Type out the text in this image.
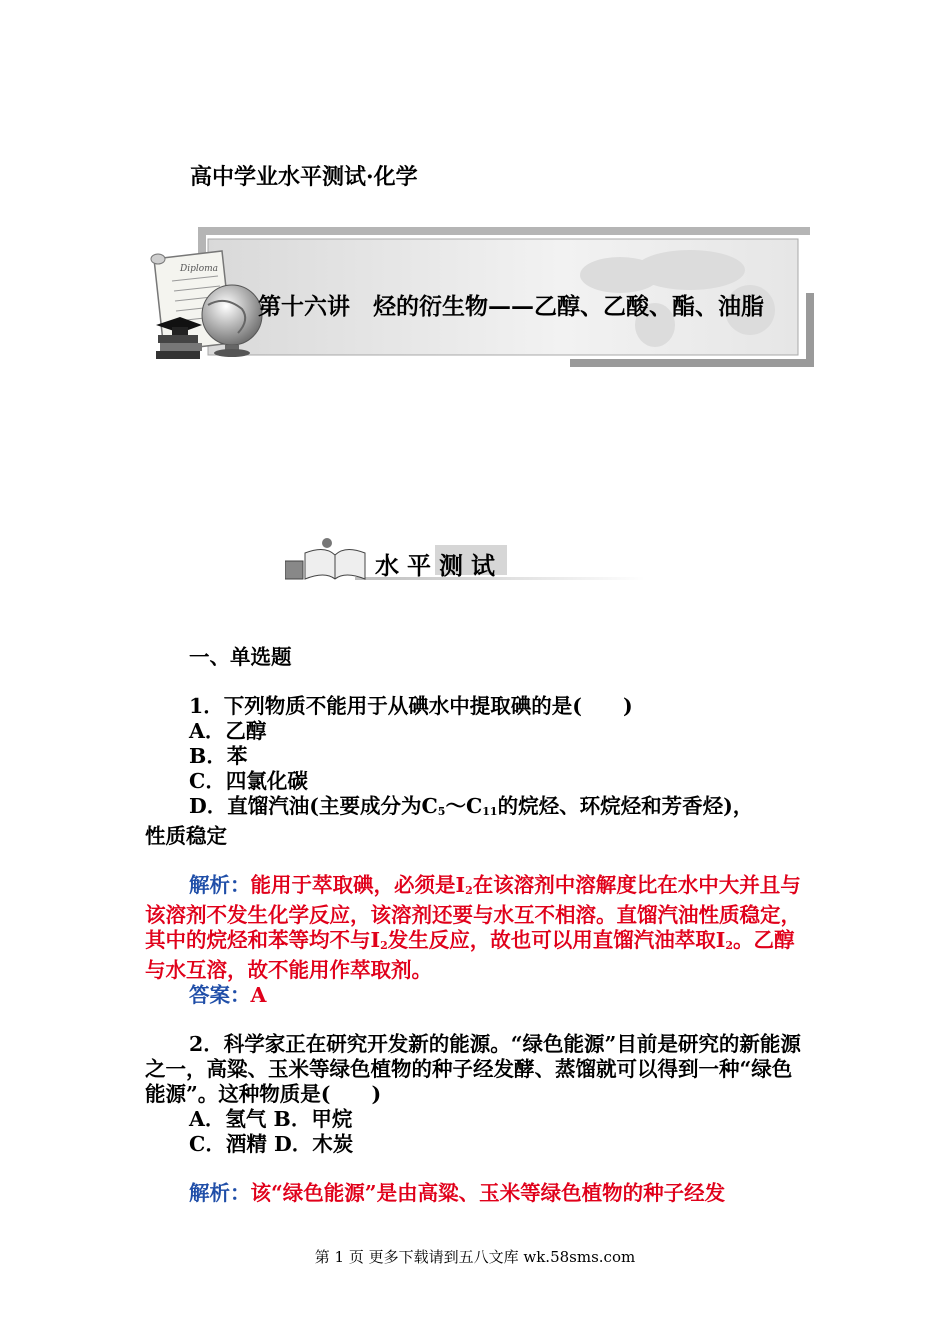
高中学业水平测试·化学
Diploma
第十六讲　烃的衍生物——乙醇、乙酸、酯、油脂
水平测试

一、单选题

1．下列物质不能用于从碘水中提取碘的是(　　)

A．乙醇

B．苯

C．四氯化碳

D．直馏汽油(主要成分为$C_5\sim C_{11}$的烷烃、环烷烃和芳香烃)，

性质稳定

解析：能用于萃取碘，必须是$I_2$在该溶剂中溶解度比在水中大并且与该溶剂不发生化学反应，该溶剂还要与水互不相溶。直馏汽油性质稳定，其中的烷烃和苯等均不与$I_2$发生反应，故也可以用直馏汽油萃取$I_2$。乙醇与水互溶，故不能用作萃取剂。

答案：A

2．科学家正在研究开发新的能源。“绿色能源”目前是研究的新能源之一，高粱、玉米等绿色植物的种子经发酵、蒸馏就可以得到一种“绿色能源”。这种物质是(　　)

A．氢气 B．甲烷

C．酒精 D．木炭

解析：该“绿色能源”是由高粱、玉米等绿色植物的种子经发

第 1 页 更多下载请到五八文库 wk.58sms.com
